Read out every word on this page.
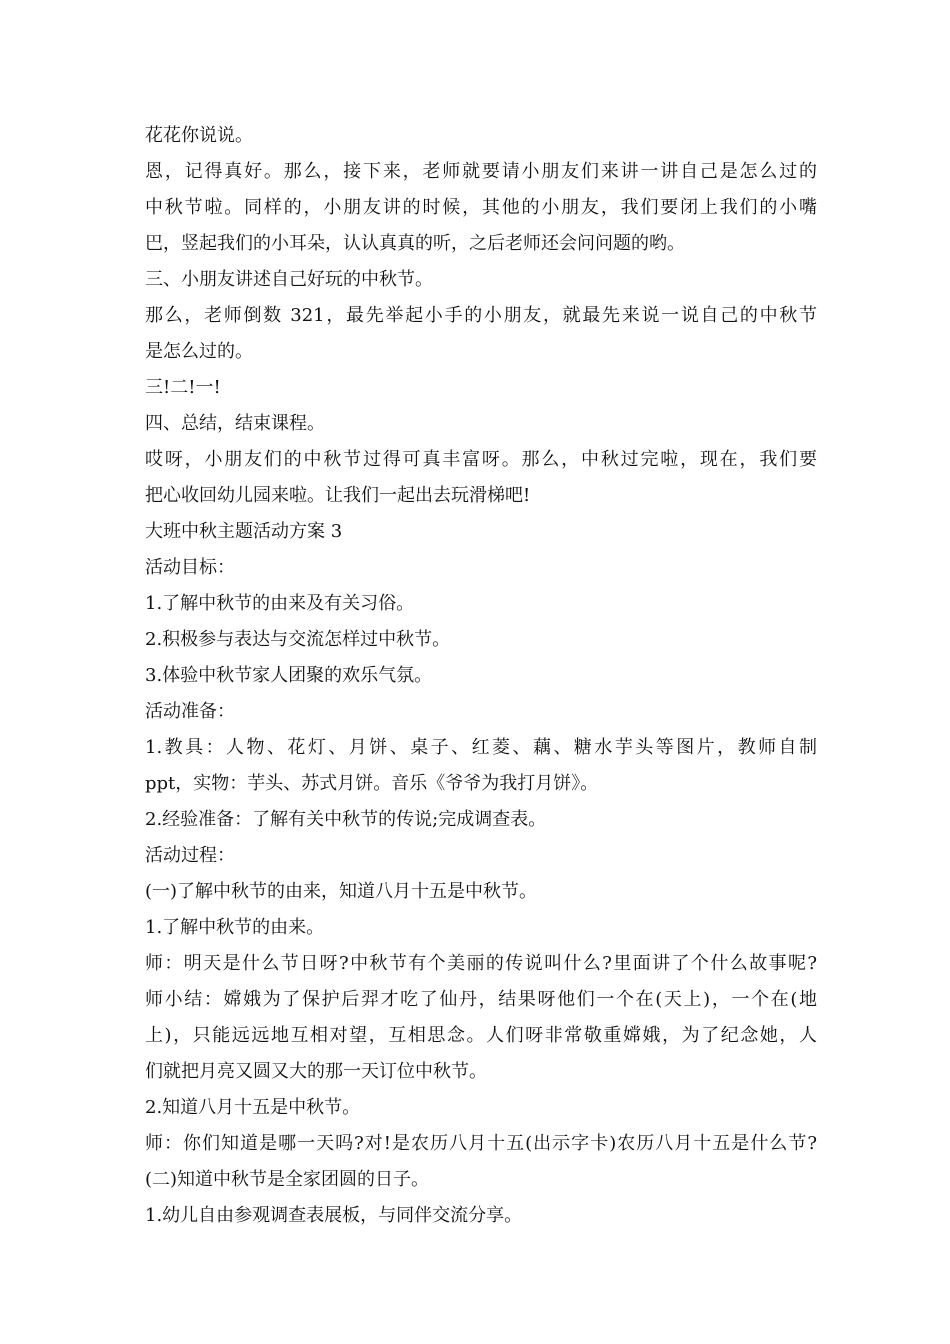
花花你说说。
恩，记得真好。那么，接下来，老师就要请小朋友们来讲一讲自己是怎么过的
中秋节啦。同样的，小朋友讲的时候，其他的小朋友，我们要闭上我们的小嘴
巴，竖起我们的小耳朵，认认真真的听，之后老师还会问问题的哟。
三、小朋友讲述自己好玩的中秋节。
那么，老师倒数 321，最先举起小手的小朋友，就最先来说一说自己的中秋节
是怎么过的。
三!二!一!
四、总结，结束课程。
哎呀，小朋友们的中秋节过得可真丰富呀。那么，中秋过完啦，现在，我们要
把心收回幼儿园来啦。让我们一起出去玩滑梯吧!
大班中秋主题活动方案 3
活动目标：
1.了解中秋节的由来及有关习俗。
2.积极参与表达与交流怎样过中秋节。
3.体验中秋节家人团聚的欢乐气氛。
活动准备：
1.教具：人物、花灯、月饼、桌子、红菱、藕、糖水芋头等图片，教师自制
ppt，实物：芋头、苏式月饼。音乐《爷爷为我打月饼》。
2.经验准备：了解有关中秋节的传说;完成调查表。
活动过程：
(一)了解中秋节的由来，知道八月十五是中秋节。
1.了解中秋节的由来。
师：明天是什么节日呀?中秋节有个美丽的传说叫什么?里面讲了个什么故事呢?
师小结：嫦娥为了保护后羿才吃了仙丹，结果呀他们一个在(天上)，一个在(地
上)，只能远远地互相对望，互相思念。人们呀非常敬重嫦娥，为了纪念她，人
们就把月亮又圆又大的那一天订位中秋节。
2.知道八月十五是中秋节。
师：你们知道是哪一天吗?对!是农历八月十五(出示字卡)农历八月十五是什么节?
(二)知道中秋节是全家团圆的日子。
1.幼儿自由参观调查表展板，与同伴交流分享。
